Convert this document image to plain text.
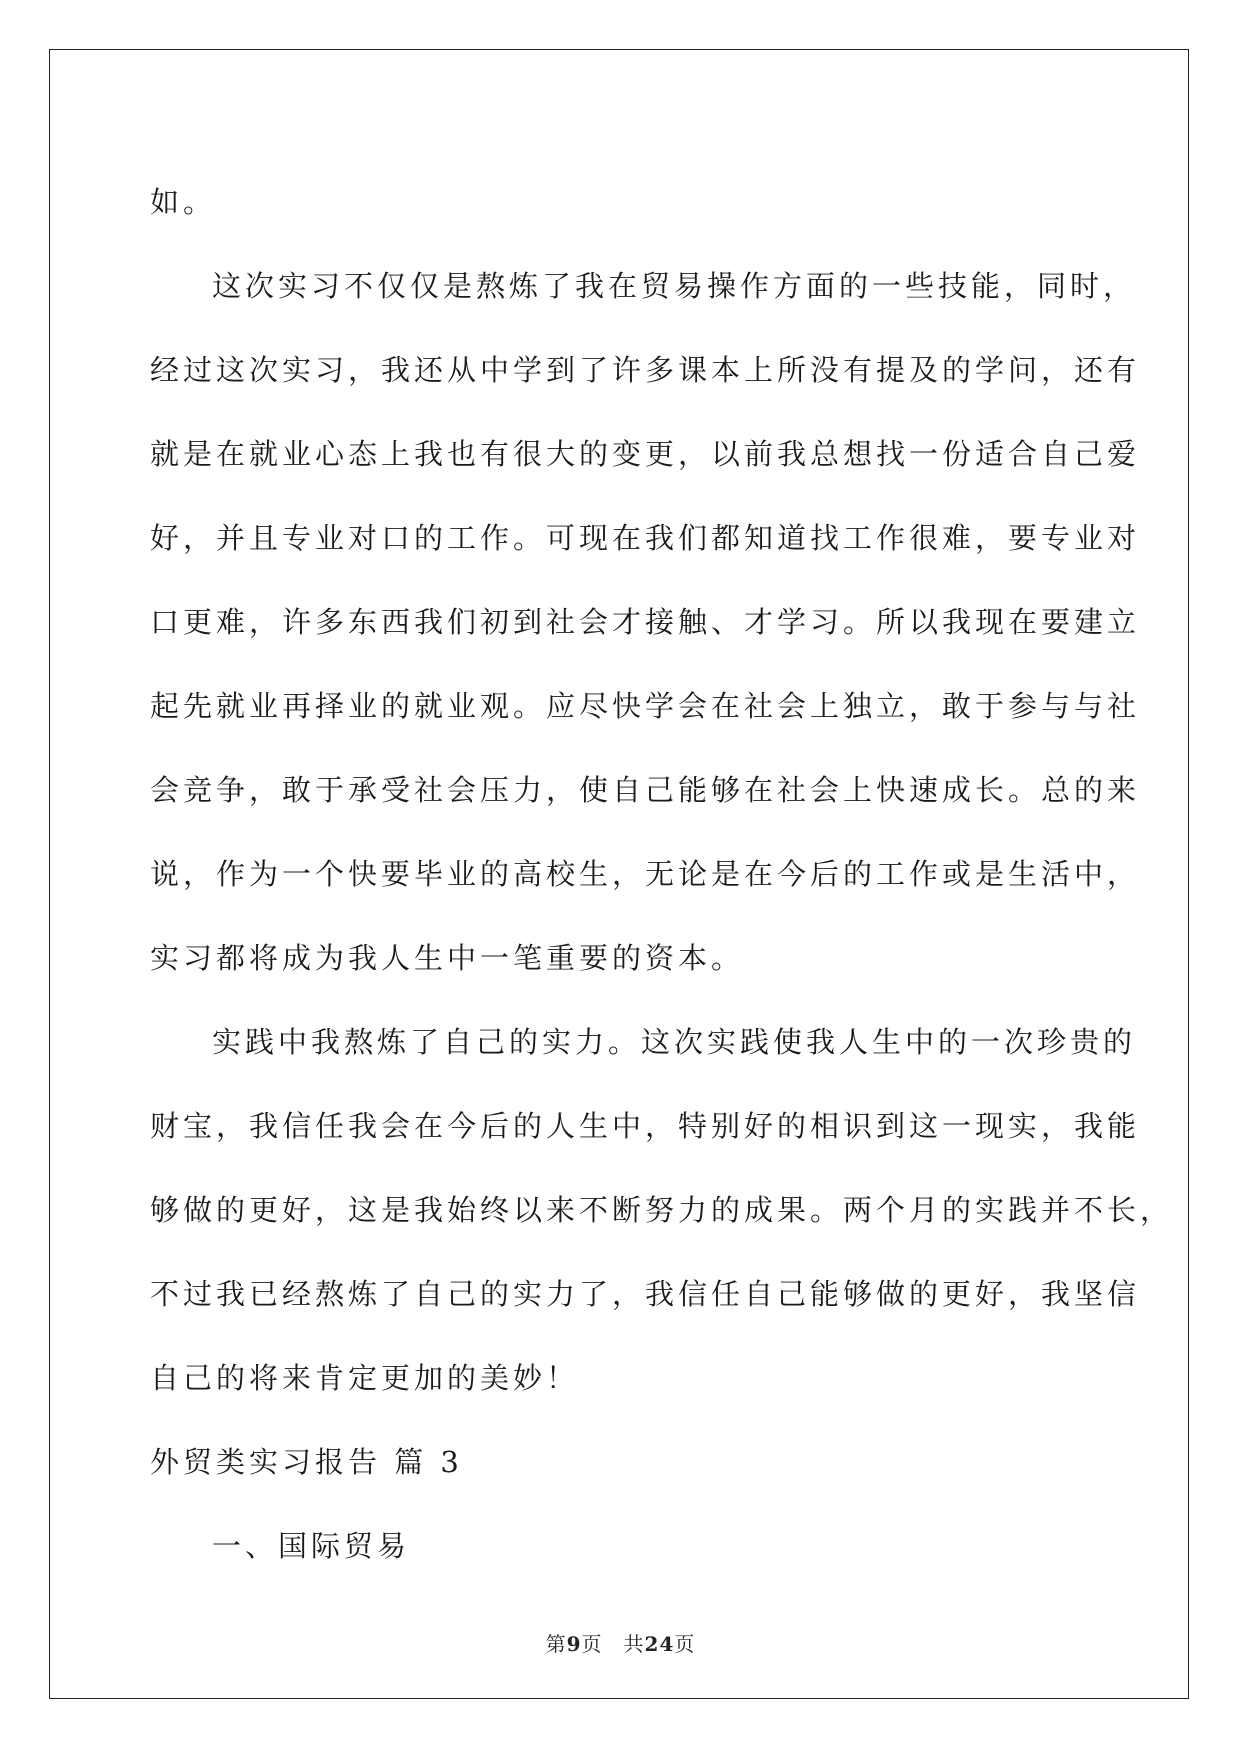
如。
这次实习不仅仅是熬炼了我在贸易操作方面的一些技能，同时，
经过这次实习，我还从中学到了许多课本上所没有提及的学问，还有
就是在就业心态上我也有很大的变更，以前我总想找一份适合自己爱
好，并且专业对口的工作。可现在我们都知道找工作很难，要专业对
口更难，许多东西我们初到社会才接触、才学习。所以我现在要建立
起先就业再择业的就业观。应尽快学会在社会上独立，敢于参与与社
会竞争，敢于承受社会压力，使自己能够在社会上快速成长。总的来
说，作为一个快要毕业的高校生，无论是在今后的工作或是生活中，
实习都将成为我人生中一笔重要的资本。
实践中我熬炼了自己的实力。这次实践使我人生中的一次珍贵的
财宝，我信任我会在今后的人生中，特别好的相识到这一现实，我能
够做的更好，这是我始终以来不断努力的成果。两个月的实践并不长，
不过我已经熬炼了自己的实力了，我信任自己能够做的更好，我坚信
自己的将来肯定更加的美妙！
外贸类实习报告 篇 3
一、国际贸易
第9页　共24页
